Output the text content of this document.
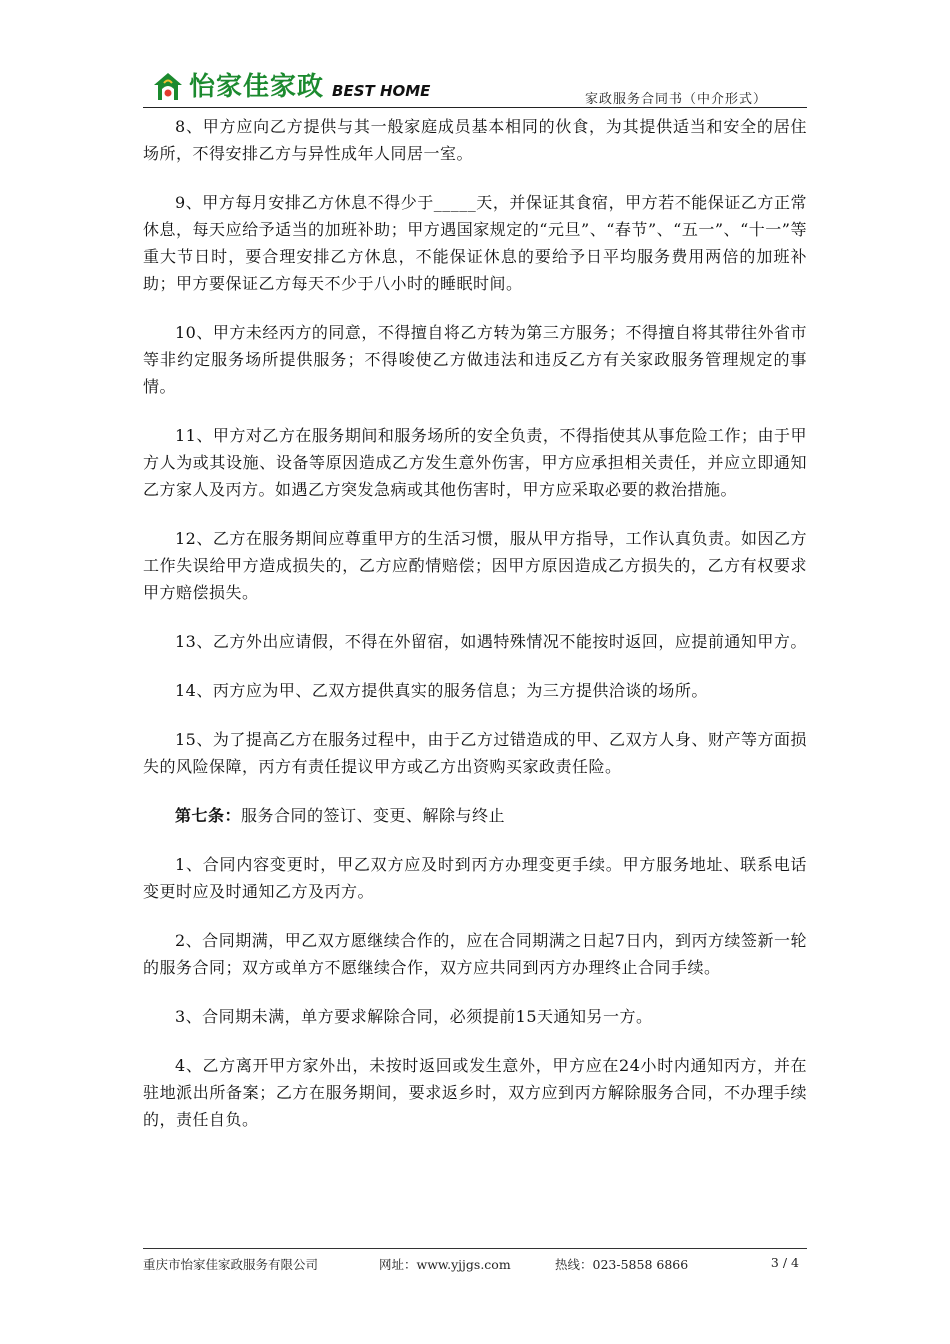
怡家佳家政 BEST HOME	家政服务合同书（中介形式）

8、甲方应向乙方提供与其一般家庭成员基本相同的伙食，为其提供适当和安全的居住场所，不得安排乙方与异性成年人同居一室。

9、甲方每月安排乙方休息不得少于_____天，并保证其食宿，甲方若不能保证乙方正常休息，每天应给予适当的加班补助；甲方遇国家规定的“元旦”、“春节”、“五一”、“十一”等重大节日时，要合理安排乙方休息，不能保证休息的要给予日平均服务费用两倍的加班补助；甲方要保证乙方每天不少于八小时的睡眠时间。

10、甲方未经丙方的同意，不得擅自将乙方转为第三方服务；不得擅自将其带往外省市等非约定服务场所提供服务；不得唆使乙方做违法和违反乙方有关家政服务管理规定的事情。

11、甲方对乙方在服务期间和服务场所的安全负责，不得指使其从事危险工作；由于甲方人为或其设施、设备等原因造成乙方发生意外伤害，甲方应承担相关责任，并应立即通知乙方家人及丙方。如遇乙方突发急病或其他伤害时，甲方应采取必要的救治措施。

12、乙方在服务期间应尊重甲方的生活习惯，服从甲方指导，工作认真负责。如因乙方工作失误给甲方造成损失的，乙方应酌情赔偿；因甲方原因造成乙方损失的，乙方有权要求甲方赔偿损失。

13、乙方外出应请假，不得在外留宿，如遇特殊情况不能按时返回，应提前通知甲方。

14、丙方应为甲、乙双方提供真实的服务信息；为三方提供洽谈的场所。

15、为了提高乙方在服务过程中，由于乙方过错造成的甲、乙双方人身、财产等方面损失的风险保障，丙方有责任提议甲方或乙方出资购买家政责任险。

第七条：服务合同的签订、变更、解除与终止

1、合同内容变更时，甲乙双方应及时到丙方办理变更手续。甲方服务地址、联系电话变更时应及时通知乙方及丙方。

2、合同期满，甲乙双方愿继续合作的，应在合同期满之日起7日内，到丙方续签新一轮的服务合同；双方或单方不愿继续合作，双方应共同到丙方办理终止合同手续。

3、合同期未满，单方要求解除合同，必须提前15天通知另一方。

4、乙方离开甲方家外出，未按时返回或发生意外，甲方应在24小时内通知丙方，并在驻地派出所备案；乙方在服务期间，要求返乡时，双方应到丙方解除服务合同，不办理手续的，责任自负。

重庆市怡家佳家政服务有限公司	网址：www.yjjgs.com	热线：023-5858 6866	3 / 4
